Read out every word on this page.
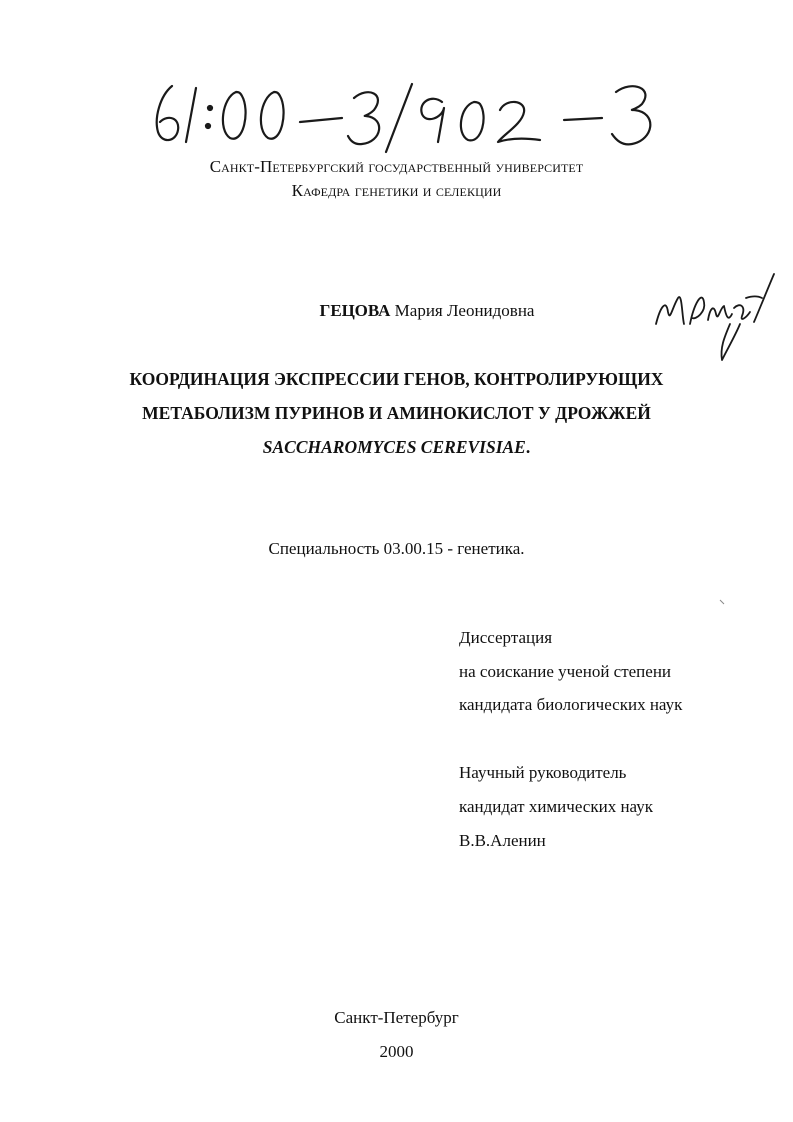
Санкт-Петербургский государственный университет
Кафедра генетики и селекции
ГЕЦОВА Мария Леонидовна
КООРДИНАЦИЯ ЭКСПРЕССИИ ГЕНОВ, КОНТРОЛИРУЮЩИХ
МЕТАБОЛИЗМ ПУРИНОВ И АМИНОКИСЛОТ У ДРОЖЖЕЙ
SACCHAROMYCES CEREVISIAE.
Специальность 03.00.15 - генетика.
Диссертация
на соискание ученой степени
кандидата биологических наук
Научный руководитель
кандидат химических наук
В.В.Аленин
Санкт-Петербург
2000
